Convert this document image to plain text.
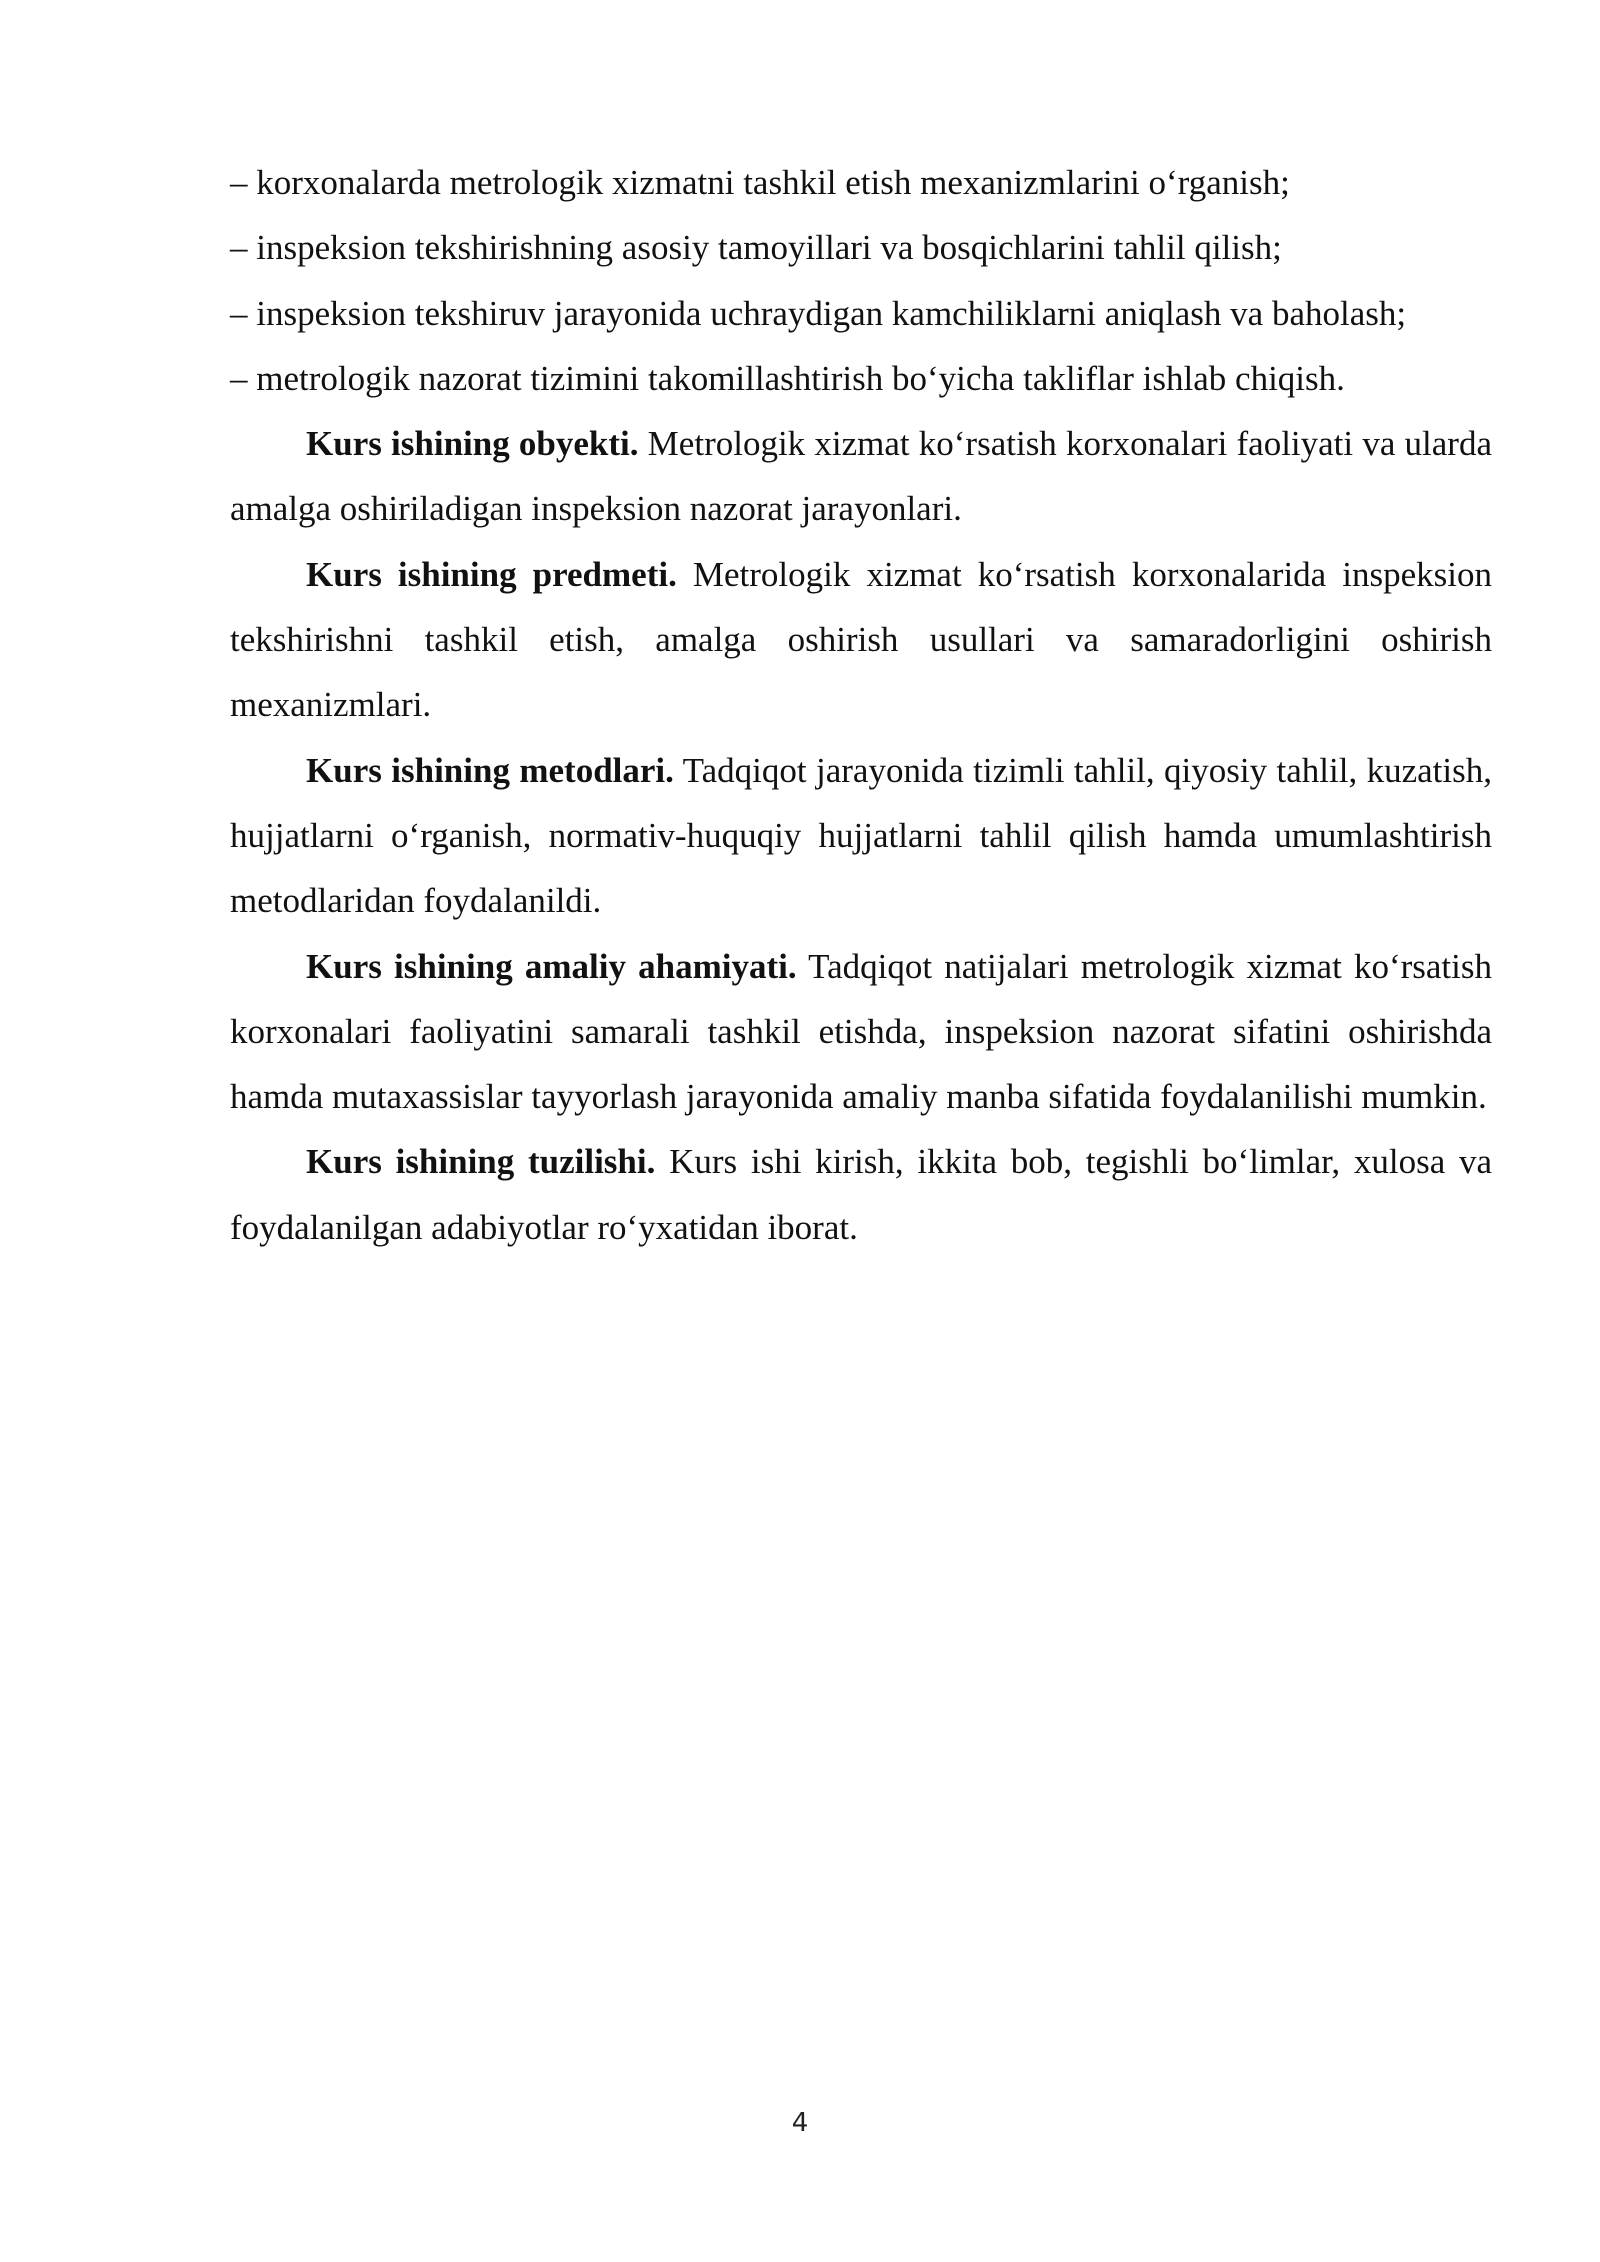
– korxonalarda metrologik xizmatni tashkil etish mexanizmlarini o‘rganish;

– inspeksion tekshirishning asosiy tamoyillari va bosqichlarini tahlil qilish;

– inspeksion tekshiruv jarayonida uchraydigan kamchiliklarni aniqlash va baholash;

– metrologik nazorat tizimini takomillashtirish bo‘yicha takliflar ishlab chiqish.

Kurs ishining obyekti. Metrologik xizmat ko‘rsatish korxonalari faoliyati va ularda amalga oshiriladigan inspeksion nazorat jarayonlari.

Kurs ishining predmeti. Metrologik xizmat ko‘rsatish korxonalarida inspeksion tekshirishni tashkil etish, amalga oshirish usullari va samaradorligini oshirish mexanizmlari.

Kurs ishining metodlari. Tadqiqot jarayonida tizimli tahlil, qiyosiy tahlil, kuzatish, hujjatlarni o‘rganish, normativ-huquqiy hujjatlarni tahlil qilish hamda umumlashtirish metodlaridan foydalanildi.

Kurs ishining amaliy ahamiyati. Tadqiqot natijalari metrologik xizmat ko‘rsatish korxonalari faoliyatini samarali tashkil etishda, inspeksion nazorat sifatini oshirishda hamda mutaxassislar tayyorlash jarayonida amaliy manba sifatida foydalanilishi mumkin.

Kurs ishining tuzilishi. Kurs ishi kirish, ikkita bob, tegishli bo‘limlar, xulosa va foydalanilgan adabiyotlar ro‘yxatidan iborat.

4
